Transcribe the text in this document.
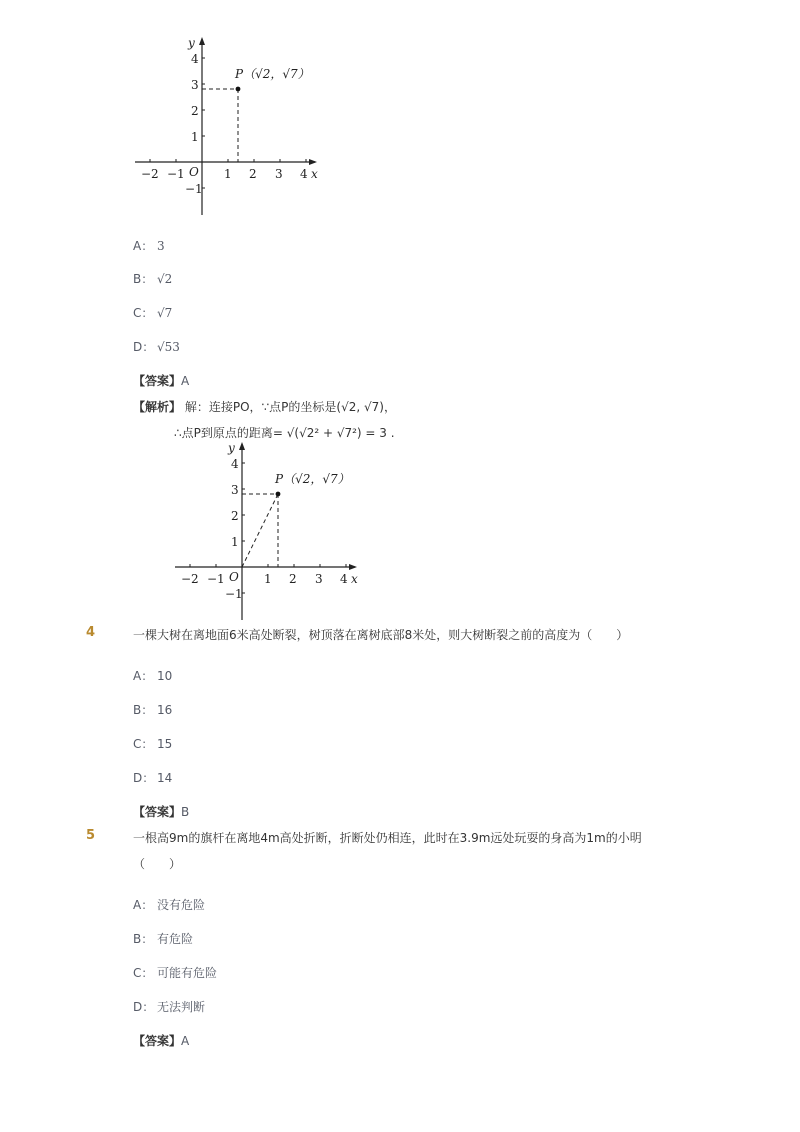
y
x
O
−2 −1	1 2 3 4
4
3
2
1
−1
P（√2，√7）
A： 3
B： √2
C： √7
D： √53
【答案】A
【解析】 解：连接PO，∵点P的坐标是(√2, √7)，
∴点P到原点的距离= √(√2² + √7²) = 3 .
y
x
O
−2 −1	1 2 3 4
4
3
2
1
−1
P（√2，√7）
4	一棵大树在离地面6米高处断裂，树顶落在离树底部8米处，则大树断裂之前的高度为（　　）
A： 10
B： 16
C： 15
D： 14
【答案】B
5	一根高9m的旗杆在离地4m高处折断，折断处仍相连，此时在3.9m远处玩耍的身高为1m的小明
（　　）
A： 没有危险
B： 有危险
C： 可能有危险
D： 无法判断
【答案】A
